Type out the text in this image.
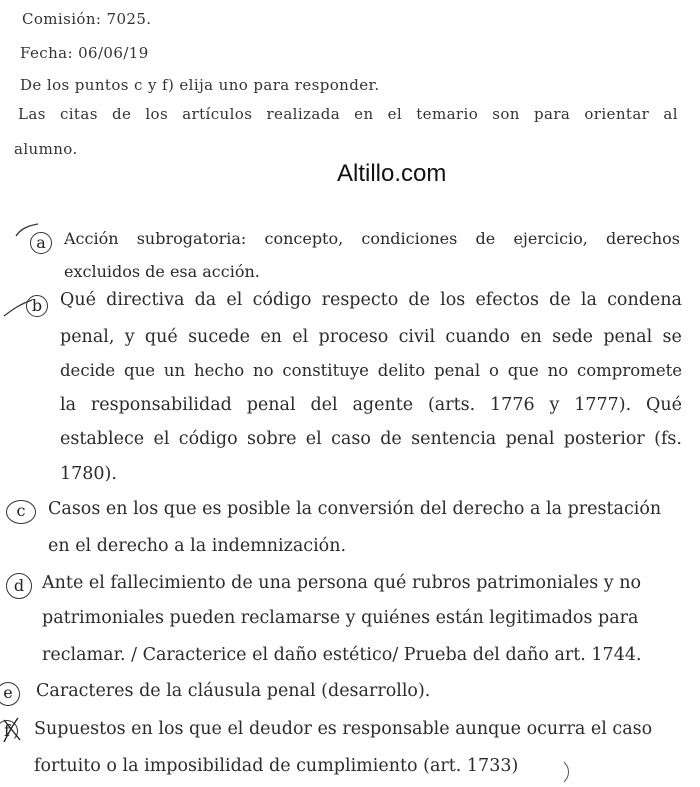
Comisión: 7025.
Fecha: 06/06/19
De los puntos c y f) elija uno para responder.
Las citas de los artículos realizada en el temario son para orientar al
alumno.
Altillo.com
a	Acción subrogatoria: concepto, condiciones de ejercicio, derechos
excluidos de esa acción.
b	Qué directiva da el código respecto de los efectos de la condena
penal, y qué sucede en el proceso civil cuando en sede penal se
decide que un hecho no constituye delito penal o que no compromete
la responsabilidad penal del agente (arts. 1776 y 1777). Qué
establece el código sobre el caso de sentencia penal posterior (fs.
1780).
c	Casos en los que es posible la conversión del derecho a la prestación
en el derecho a la indemnización.
d	Ante el fallecimiento de una persona qué rubros patrimoniales y no
patrimoniales pueden reclamarse y quiénes están legitimados para
reclamar. / Caracterice el daño estético/ Prueba del daño art. 1744.
e	Caracteres de la cláusula penal (desarrollo).
f	Supuestos en los que el deudor es responsable aunque ocurra el caso
fortuito o la imposibilidad de cumplimiento (art. 1733)
